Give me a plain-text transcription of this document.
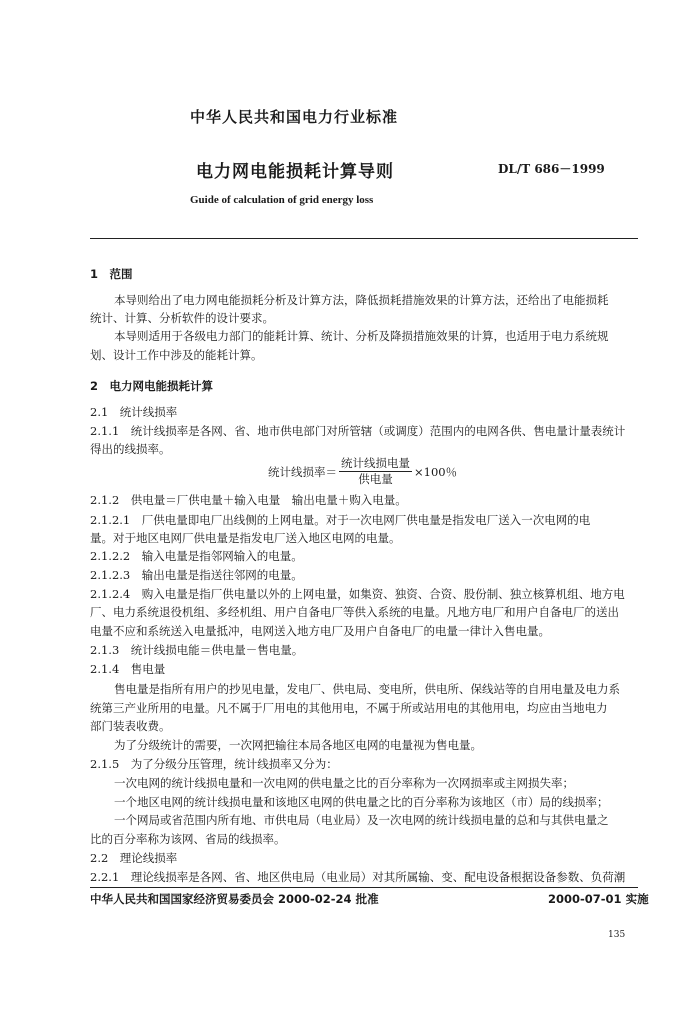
中华人民共和国电力行业标准
电力网电能损耗计算导则	DL/T 686－1999
Guide of calculation of grid energy loss
1　范围
本导则给出了电力网电能损耗分析及计算方法，降低损耗措施效果的计算方法，还给出了电能损耗
统计、计算、分析软件的设计要求。
本导则适用于各级电力部门的能耗计算、统计、分析及降损措施效果的计算，也适用于电力系统规
划、设计工作中涉及的能耗计算。
2　电力网电能损耗计算
2.1　统计线损率
2.1.1　统计线损率是各网、省、地市供电部门对所管辖（或调度）范围内的电网各供、售电量计量表统计
得出的线损率。
统计线损率＝ $\frac{\text{统计线损电量}}{\text{供电量}} \times 100$％
2.1.2　供电量＝厂供电量＋输入电量　输出电量＋购入电量。
2.1.2.1　厂供电量即电厂出线侧的上网电量。对于一次电网厂供电量是指发电厂送入一次电网的电
量。对于地区电网厂供电量是指发电厂送入地区电网的电量。
2.1.2.2　输入电量是指邻网输入的电量。
2.1.2.3　输出电量是指送往邻网的电量。
2.1.2.4　购入电量是指厂供电量以外的上网电量，如集资、独资、合资、股份制、独立核算机组、地方电
厂、电力系统退役机组、多经机组、用户自备电厂等供入系统的电量。凡地方电厂和用户自备电厂的送出
电量不应和系统送入电量抵冲，电网送入地方电厂及用户自备电厂的电量一律计入售电量。
2.1.3　统计线损电能＝供电量－售电量。
2.1.4　售电量
售电量是指所有用户的抄见电量，发电厂、供电局、变电所，供电所、保线站等的自用电量及电力系
统第三产业所用的电量。凡不属于厂用电的其他用电，不属于所或站用电的其他用电，均应由当地电力
部门装表收费。
为了分级统计的需要，一次网把输往本局各地区电网的电量视为售电量。
2.1.5　为了分级分压管理，统计线损率又分为：
一次电网的统计线损电量和一次电网的供电量之比的百分率称为一次网损率或主网损失率；
一个地区电网的统计线损电量和该地区电网的供电量之比的百分率称为该地区（市）局的线损率；
一个网局或省范围内所有地、市供电局（电业局）及一次电网的统计线损电量的总和与其供电量之
比的百分率称为该网、省局的线损率。
2.2　理论线损率
2.2.1　理论线损率是各网、省、地区供电局（电业局）对其所属输、变、配电设备根据设备参数、负荷潮
中华人民共和国国家经济贸易委员会 2000-02-24 批准	2000-07-01 实施
135
